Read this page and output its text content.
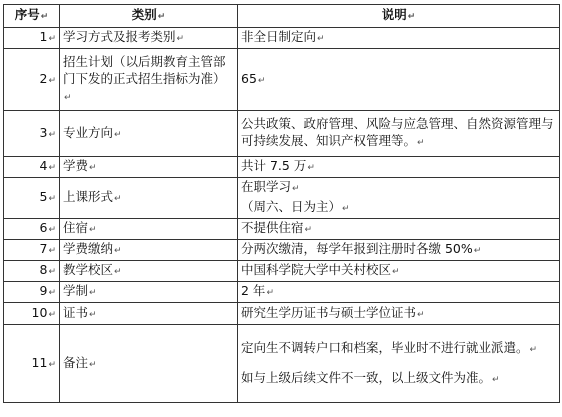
序号↵	类别↵	说明↵
1↵	学习方式及报考类别↵	非全日制定向↵

2↵	招生计划（以后期教育主管部门下发的正式招生指标为准）↵	65↵

3↵	专业方向↵	公共政策、政府管理、风险与应急管理、自然资源管理与可持续发展、知识产权管理等。↵

4↵	学费↵	共计 7.5 万↵

5↵	上课形式↵	在职学习↵
（周六、日为主）↵

6↵	住宿↵	不提供住宿↵

7↵	学费缴纳↵	分两次缴清，每学年报到注册时各缴 50%↵

8↵	教学校区↵	中国科学院大学中关村校区↵

9↵	学制↵	2 年↵

10↵	证书↵	研究生学历证书与硕士学位证书↵

11↵	备注↵	定向生不调转户口和档案，毕业时不进行就业派遣。↵
如与上级后续文件不一致，以上级文件为准。↵
